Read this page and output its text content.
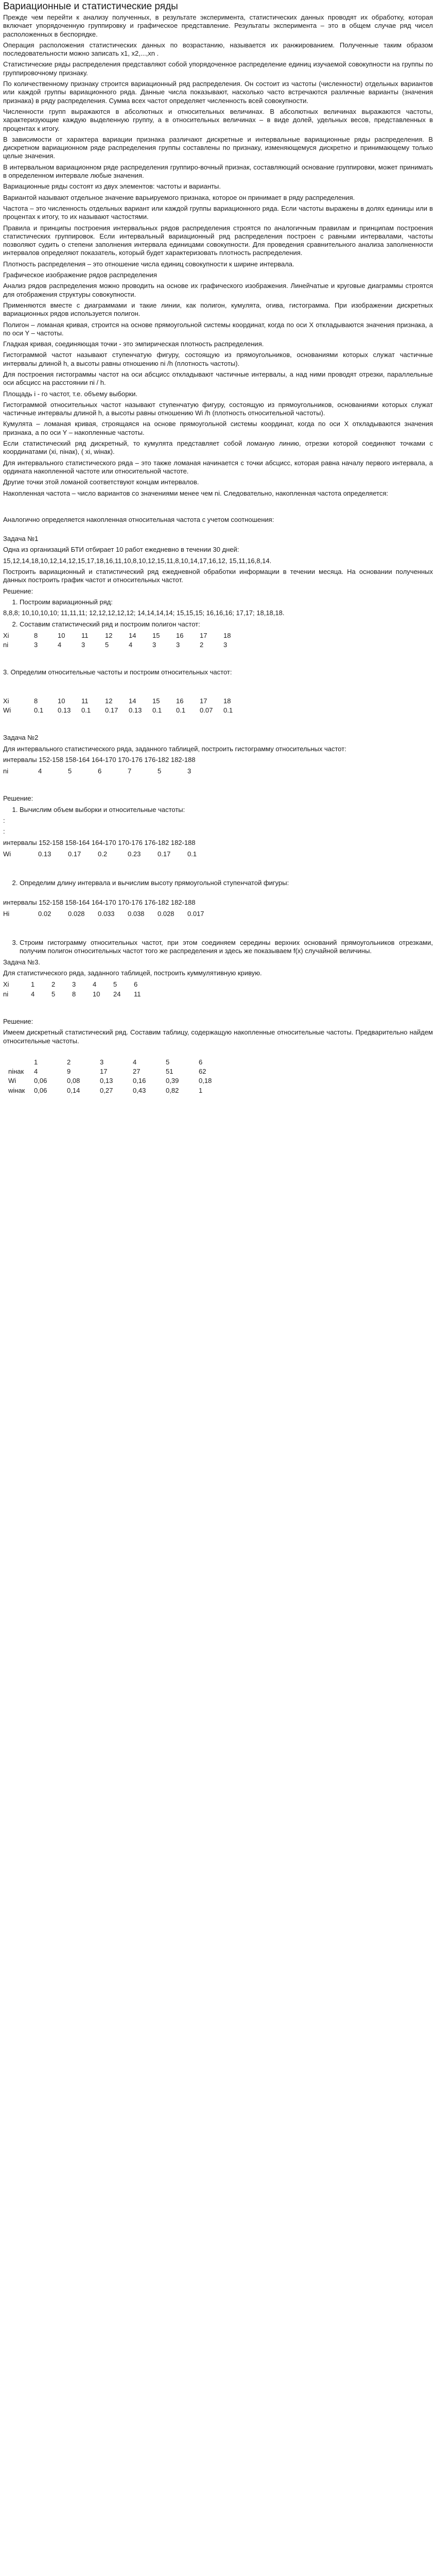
Вариационные и статистические ряды

Прежде чем перейти к анализу полученных, в результате эксперимента, статистических данных проводят их обработку, которая включает упорядоченную группировку и графическое представление. Результаты эксперимента – это в общем случае ряд чисел расположенных в беспорядке.

Операция расположения статистических данных по возрастанию, называется их ранжированием. Полученные таким образом последовательности можно записать х1, х2,...,хn .

Статистические ряды распределения представляют собой упорядоченное распределение единиц изучаемой совокупности на группы по группировочному признаку.

По количественному признаку строится вариационный ряд распределения. Он состоит из частоты (численности) отдельных вариантов или каждой группы вариационного ряда. Данные числа показывают, насколько часто встречаются различные варианты (значения признака) в ряду распределения. Сумма всех частот определяет численность всей совокупности.

Численности групп выражаются в абсолютных и относительных величинах. В абсолютных величинах выражаются частоты, характеризующие каждую выделенную группу, а в относительных величинах – в виде долей, удельных весов, представленных в процентах к итогу.

В зависимости от характера вариации признака различают дискретные и интервальные вариационные ряды распределения. В дискретном вариационном ряде распределения группы составлены по признаку, изменяющемуся дискретно и принимающему только целые значения.

В интервальном вариационном ряде распределения группиро-вочный признак, составляющий основание группировки, может принимать в определенном интервале любые значения.

Вариационные ряды состоят из двух элементов: частоты и варианты.

Вариантой называют отдельное значение варьируемого признака, которое он принимает в ряду распределения.

Частота – это численность отдельных вариант или каждой группы вариационного ряда. Если частоты выражены в долях единицы или в процентах к итогу, то их называют частостями.

Правила и принципы построения интервальных рядов распределения строятся по аналогичным правилам и принципам построения статистических группировок. Если интервальный вариационный ряд распределения построен с равными интервалами, частоты позволяют судить о степени заполнения интервала единицами совокупности. Для проведения сравнительного анализа заполненности интервалов определяют показатель, который будет характеризовать плотность распределения.

Плотность распределения – это отношение числа единиц совокупности к ширине интервала.

Графическое изображение рядов распределения

Анализ рядов распределения можно проводить на основе их графического изображения. Линейчатые и круговые диаграммы строятся для отображения структуры совокупности.

Применяются вместе с диаграммами и такие линии, как полигон, кумулята, огива, гистограмма. При изображении дискретных вариационных рядов используется полигон.

Полигон – ломаная кривая, строится на основе прямоугольной системы координат, когда по оси X откладываются значения признака, а по оси Y – частоты.

Гладкая кривая, соединяющая точки - это эмпирическая плотность распределения.

Гистограммой частот называют ступенчатую фигуру, состоящую из прямоугольников, основаниями которых служат частичные интервалы длиной h, а высоты равны отношению ni /h (плотность частоты).

Для построения гистограммы частот на оси абсцисс откладывают частичные интервалы, а над ними проводят отрезки, параллельные оси абсцисс на расстоянии ni / h.

Площадь i - го частот, т.е. объему выборки.

Гистограммой относительных частот называют ступенчатую фигуру, состоящую из прямоугольников, основаниями которых служат частичные интервалы длиной h, а высоты равны отношению Wi /h (плотность относительной частоты).

Кумулята – ломаная кривая, строящаяся на основе прямоугольной системы координат, когда по оси X откладываются значения признака, а по оси Y – накопленные частоты.

Если статистический ряд дискретный, то кумулята представляет собой ломаную линию, отрезки которой соединяют точками с координатами (xi, niнак), ( xi, wiнак).

Для интервального статистического ряда – это также ломаная начинается с точки абсцисс, которая равна началу первого интервала, а ордината накопленной частоте или относительной частоте.

Другие точки этой ломаной соответствуют концам интервалов.

Накопленная частота – число вариантов со значениями менее чем ni. Следовательно, накопленная частота определяется:

Аналогично определяется накопленная относительная частота с учетом соотношения:

Задача №1

Одна из организаций БТИ отбирает 10 работ ежедневно в течении 30 дней:

15,12,14,18,10,12,14,12,15,17,18,16,11,10,8,10,12,15,11,8,10,14,17,16,12, 15,11,16,8,14.

Построить вариационный и статистический ряд ежедневной обработки информации в течении месяца. На основании полученных данных построить график частот и относительных частот.

Решение:

1. Построим вариационный ряд:

8,8,8; 10,10,10,10; 11,11,11; 12,12,12,12,12; 14,14,14,14; 15,15,15; 16,16,16; 17,17; 18,18,18.

2. Составим статистический ряд и построим полигон частот:
Xi	8	10	11	12	14	15	16	17	18
ni	3	4	3	5	4	3	3	2	3

3. Определим относительные частоты и построим относительных частот:

Xi	8	10	11	12	14	15	16	17	18
Wi	0.1	0.13	0.1	0.17	0.13	0.1	0.1	0.07	0.1

Задача №2

Для интервального статистического ряда, заданного таблицей, построить гистограмму относительных частот:

интервалы 152-158 158-164 164-170 170-176 176-182 182-188

ni	4	5	6	7	5	3

Решение:

1. Вычислим объем выборки и относительные частоты:

:

:

интервалы 152-158 158-164 164-170 170-176 176-182 182-188

Wi	0.13	0.17	0.2	0.23	0.17	0.1
2. Определим длину интервала и вычислим высоту прямоугольной ступенчатой фигуры:

интервалы 152-158 158-164 164-170 170-176 176-182 182-188

Hi	0.02	0.028	0.033	0.038	0.028	0.017
3. Строим гистограмму относительных частот, при этом соединяем середины верхних оснований прямоугольников отрезками, получим полигон относительных частот того же распределения и здесь же показываем f(x) случайной величины.

Задача №3.

Для статистического ряда, заданного таблицей, построить куммулятивную кривую.

Xi	1	2	3	4	5	6
ni	4	5	8	10	24	11

Решение:

Имеем дискретный статистический ряд. Составим таблицу, содержащую накопленные относительные частоты. Предварительно найдем относительные частоты.

	1	2	3	4	5	6
niнак	4	9	17	27	51	62
Wi	0,06	0,08	0,13	0,16	0,39	0,18
wiнак	0,06	0,14	0,27	0,43	0,82	1
